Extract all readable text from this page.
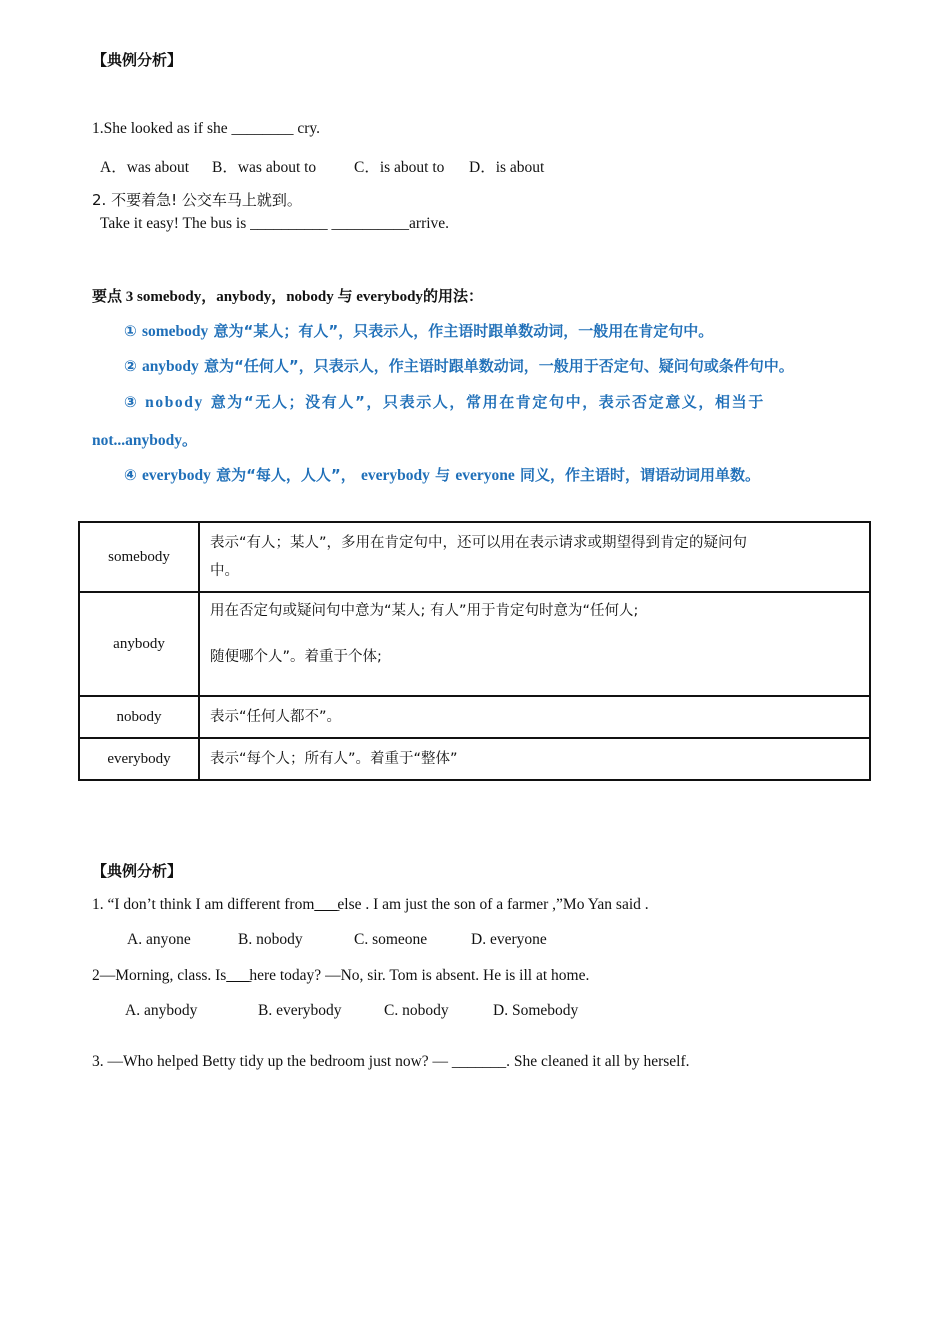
【典例分析】
1.She looked as if she ________ cry.
A．was about B．was about to C．is about to D．is about
2. 不要着急! 公交车马上就到。
Take it easy! The bus is __________ __________arrive.
要点 3 somebody，anybody，nobody 与 everybody的用法：
① somebody 意为“某人；有人”，只表示人，作主语时跟单数动词，一般用在肯定句中。
② anybody 意为“任何人”，只表示人，作主语时跟单数动词，一般用于否定句、疑问句或条件句中。
③ nobody 意为“无人；没有人”，只表示人，常用在肯定句中，表示否定意义，相当于
not...anybody。
④ everybody 意为“每人，人人”， everybody 与 everyone 同义，作主语时，谓语动词用单数。
somebody	表示“有人；某人”，多用在肯定句中，还可以用在表示请求或期望得到肯定的疑问句
中。

anybody	用在否定句或疑问句中意为“某人; 有人”用于肯定句时意为“任何人;
随便哪个人”。着重于个体;

nobody	表示“任何人都不”。
everybody	表示“每个人；所有人”。着重于“整体”
【典例分析】
1. “I don’t think I am different from____else . I am just the son of a farmer ,”Mo Yan said .
A. anyone	B. nobody	C. someone	D. everyone
2—Morning, class. Is____here today? —No, sir. Tom is absent. He is ill at home.
A. anybody	B. everybody	C. nobody	D. Somebody
3. —Who helped Betty tidy up the bedroom just now? — _______. She cleaned it all by herself.
